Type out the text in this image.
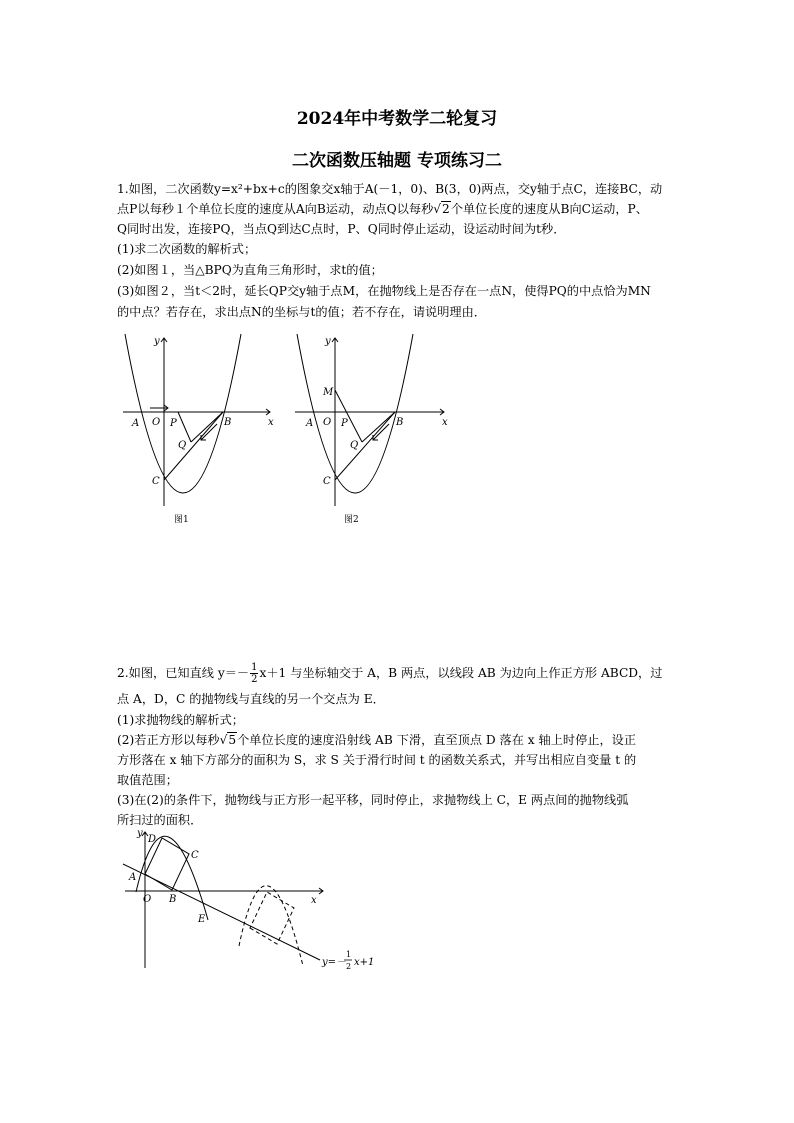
2024年中考数学二轮复习
二次函数压轴题 专项练习二
1.如图，二次函数y=x²+bx+c的图象交x轴于A(－1，0)、B(3，0)两点，交y轴于点C，连接BC，动
点P以每秒１个单位长度的速度从A向B运动，动点Q以每秒√2个单位长度的速度从B向C运动，P、
Q同时出发，连接PQ，当点Q到达C点时，P、Q同时停止运动，设运动时间为t秒．
(1)求二次函数的解析式；
(2)如图１，当△BPQ为直角三角形时，求t的值；
(3)如图２，当t＜2时，延长QP交y轴于点M，在抛物线上是否存在一点N，使得PQ的中点恰为MN
的中点？若存在，求出点N的坐标与t的值；若不存在，请说明理由．
y
x
A O P	B
Q
C
图1
y
x
M
A O P	B
Q
C
图2
2.如图，已知直线 $y=- \frac{1}{2} x+1$ 与坐标轴交于 A，B 两点，以线段 AB 为边向上作正方形 ABCD，过
点 A，D，C 的抛物线与直线的另一个交点为 E．
(1)求抛物线的解析式；
(2)若正方形以每秒√5个单位长度的速度沿射线 AB 下滑，直至顶点 D 落在 x 轴上时停止，设正
方形落在 x 轴下方部分的面积为 S，求 S 关于滑行时间 t 的函数关系式，并写出相应自变量 t 的
取值范围；
(3)在(2)的条件下，抛物线与正方形一起平移，同时停止，求抛物线上 C，E 两点间的抛物线弧
所扫过的面积．
y
x
D
C
A
O B
E
y=－
1
2 x+1
